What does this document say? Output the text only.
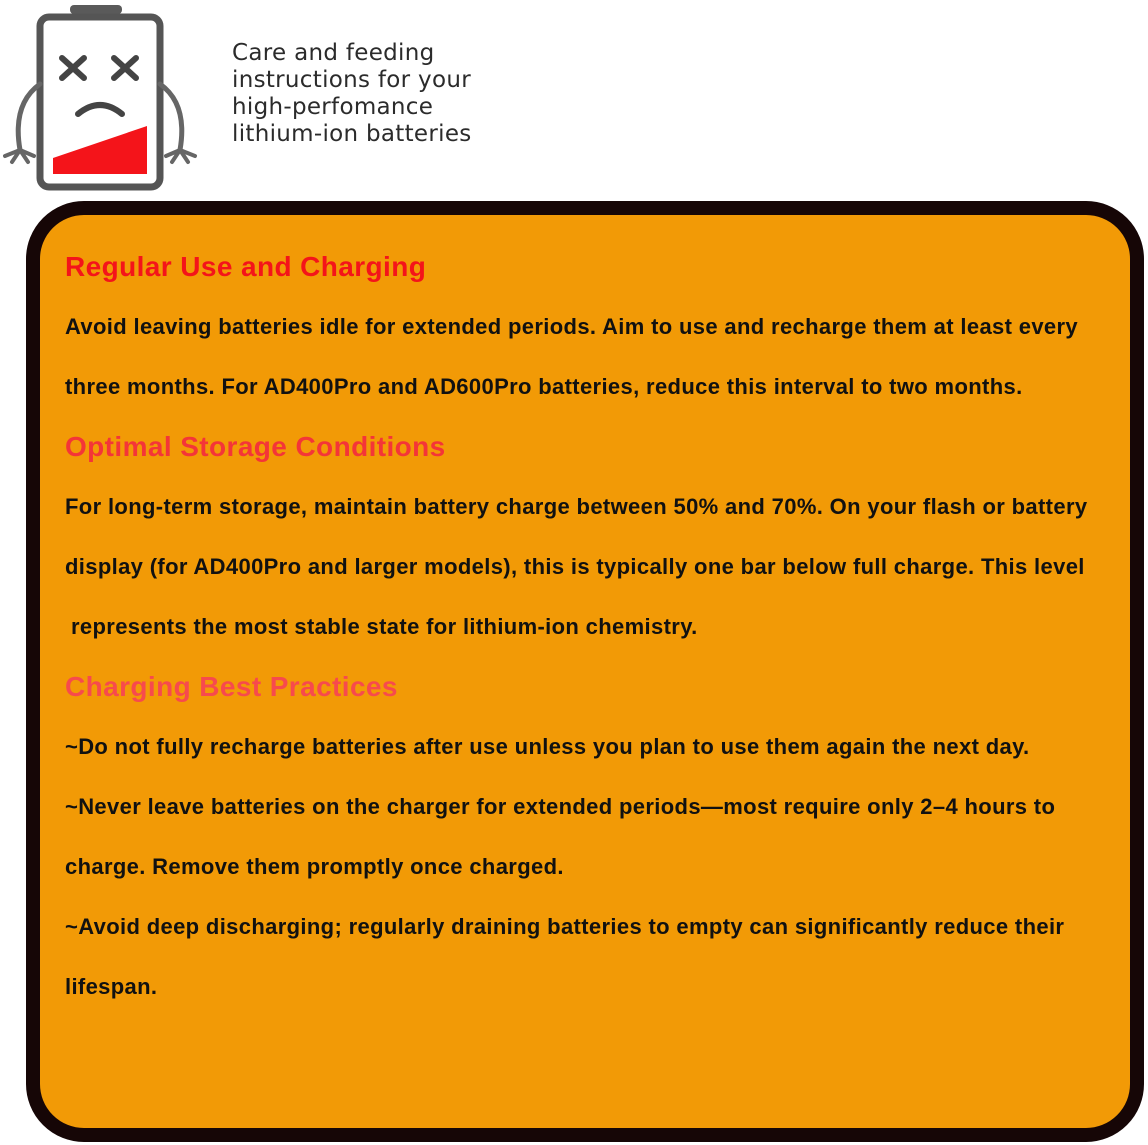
Care and feeding
instructions for your
high-perfomance
lithium-ion batteries
Regular Use and Charging
Avoid leaving batteries idle for extended periods. Aim to use and recharge them at least every
three months. For AD400Pro and AD600Pro batteries, reduce this interval to two months.
Optimal Storage Conditions
For long-term storage, maintain battery charge between 50% and 70%. On your flash or battery
display (for AD400Pro and larger models), this is typically one bar below full charge. This level
represents the most stable state for lithium-ion chemistry.
Charging Best Practices
~Do not fully recharge batteries after use unless you plan to use them again the next day.
~Never leave batteries on the charger for extended periods—most require only 2–4 hours to
charge. Remove them promptly once charged.
~Avoid deep discharging; regularly draining batteries to empty can significantly reduce their
lifespan.
